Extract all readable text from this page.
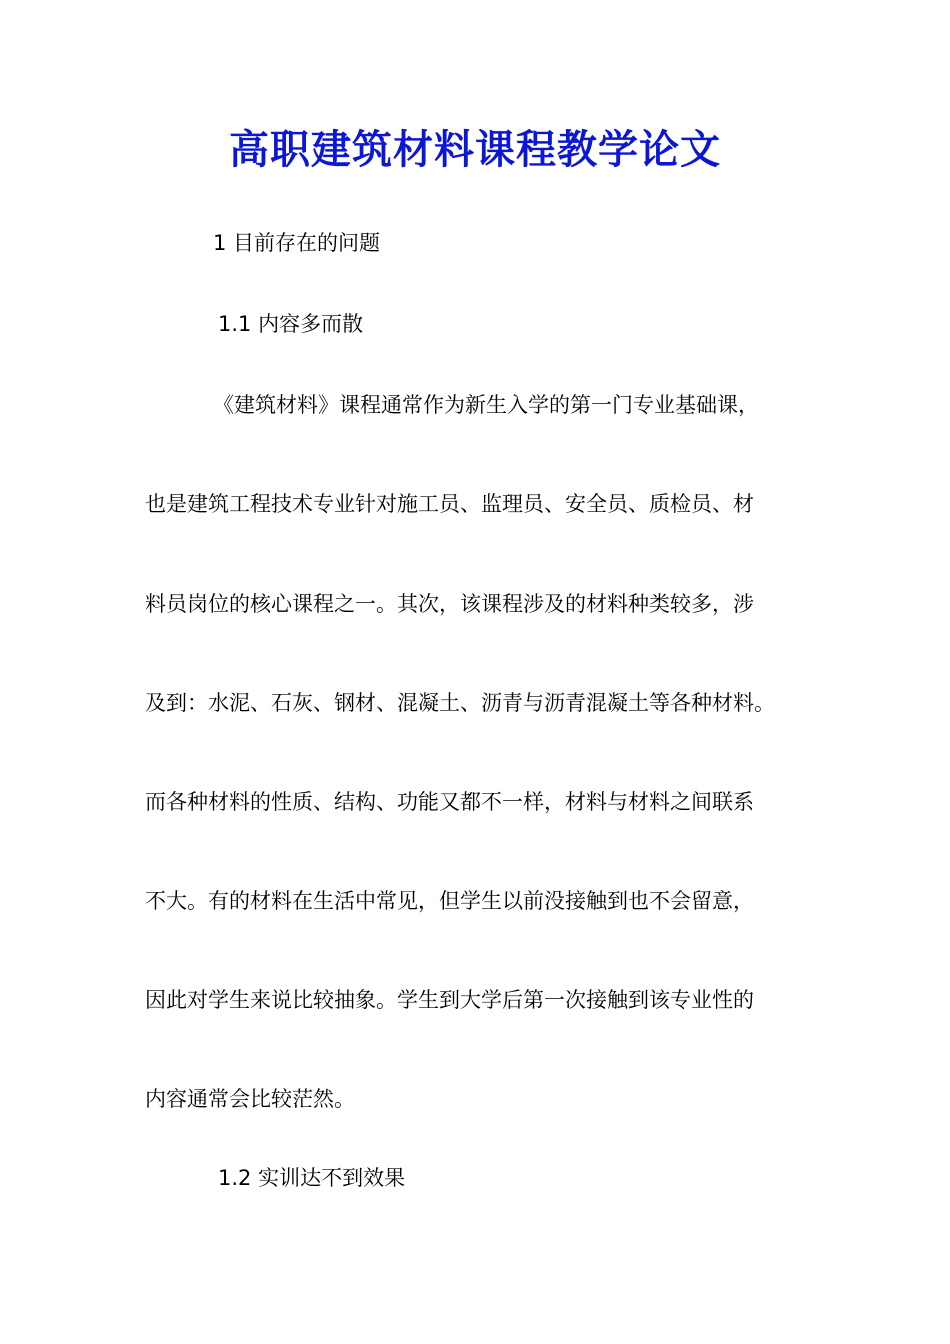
高职建筑材料课程教学论文
1 目前存在的问题
1.1 内容多而散
《建筑材料》课程通常作为新生入学的第一门专业基础课，
也是建筑工程技术专业针对施工员、监理员、安全员、质检员、材
料员岗位的核心课程之一。其次，该课程涉及的材料种类较多，涉
及到：水泥、石灰、钢材、混凝土、沥青与沥青混凝土等各种材料。
而各种材料的性质、结构、功能又都不一样，材料与材料之间联系
不大。有的材料在生活中常见，但学生以前没接触到也不会留意，
因此对学生来说比较抽象。学生到大学后第一次接触到该专业性的
内容通常会比较茫然。
1.2 实训达不到效果
